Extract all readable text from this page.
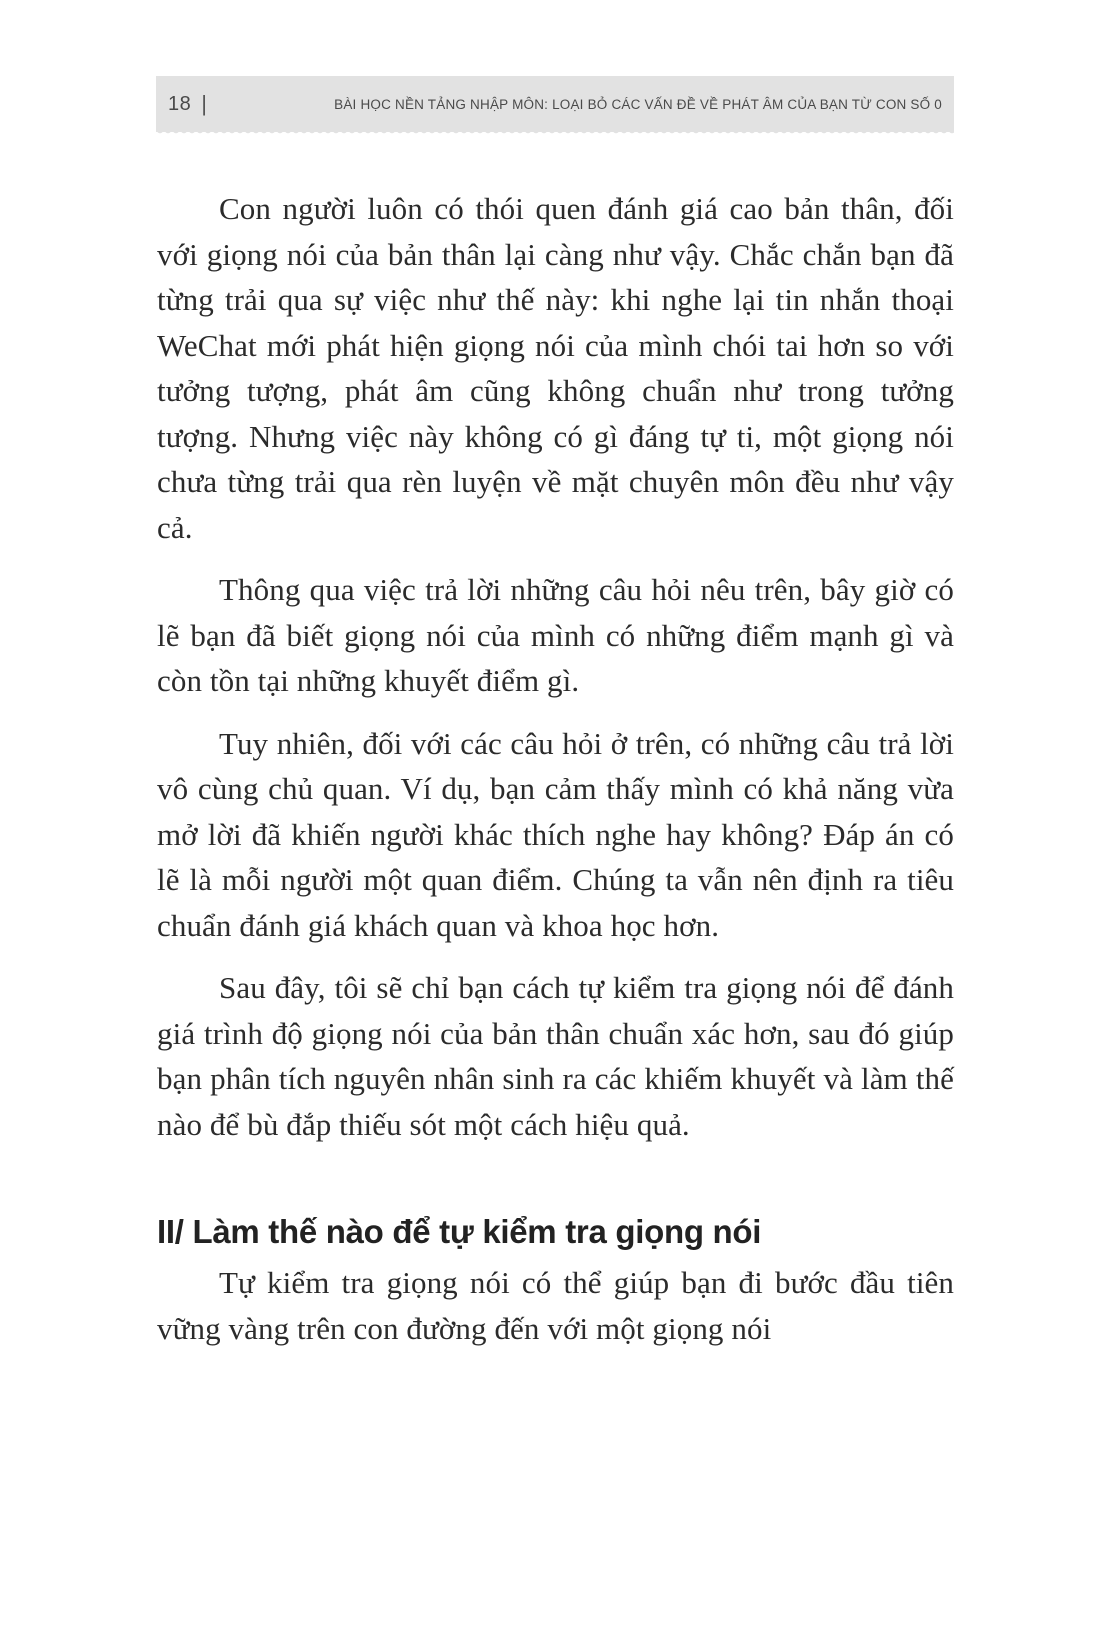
18 |	BÀI HỌC NỀN TẢNG NHẬP MÔN: LOẠI BỎ CÁC VẤN ĐỀ VỀ PHÁT ÂM CỦA BẠN TỪ CON SỐ 0

Con người luôn có thói quen đánh giá cao bản thân, đối với giọng nói của bản thân lại càng như vậy. Chắc chắn bạn đã từng trải qua sự việc như thế này: khi nghe lại tin nhắn thoại WeChat mới phát hiện giọng nói của mình chói tai hơn so với tưởng tượng, phát âm cũng không chuẩn như trong tưởng tượng. Nhưng việc này không có gì đáng tự ti, một giọng nói chưa từng trải qua rèn luyện về mặt chuyên môn đều như vậy cả.

Thông qua việc trả lời những câu hỏi nêu trên, bây giờ có lẽ bạn đã biết giọng nói của mình có những điểm mạnh gì và còn tồn tại những khuyết điểm gì.

Tuy nhiên, đối với các câu hỏi ở trên, có những câu trả lời vô cùng chủ quan. Ví dụ, bạn cảm thấy mình có khả năng vừa mở lời đã khiến người khác thích nghe hay không? Đáp án có lẽ là mỗi người một quan điểm. Chúng ta vẫn nên định ra tiêu chuẩn đánh giá khách quan và khoa học hơn.

Sau đây, tôi sẽ chỉ bạn cách tự kiểm tra giọng nói để đánh giá trình độ giọng nói của bản thân chuẩn xác hơn, sau đó giúp bạn phân tích nguyên nhân sinh ra các khiếm khuyết và làm thế nào để bù đắp thiếu sót một cách hiệu quả.

II/ Làm thế nào để tự kiểm tra giọng nói

Tự kiểm tra giọng nói có thể giúp bạn đi bước đầu tiên vững vàng trên con đường đến với một giọng nói
